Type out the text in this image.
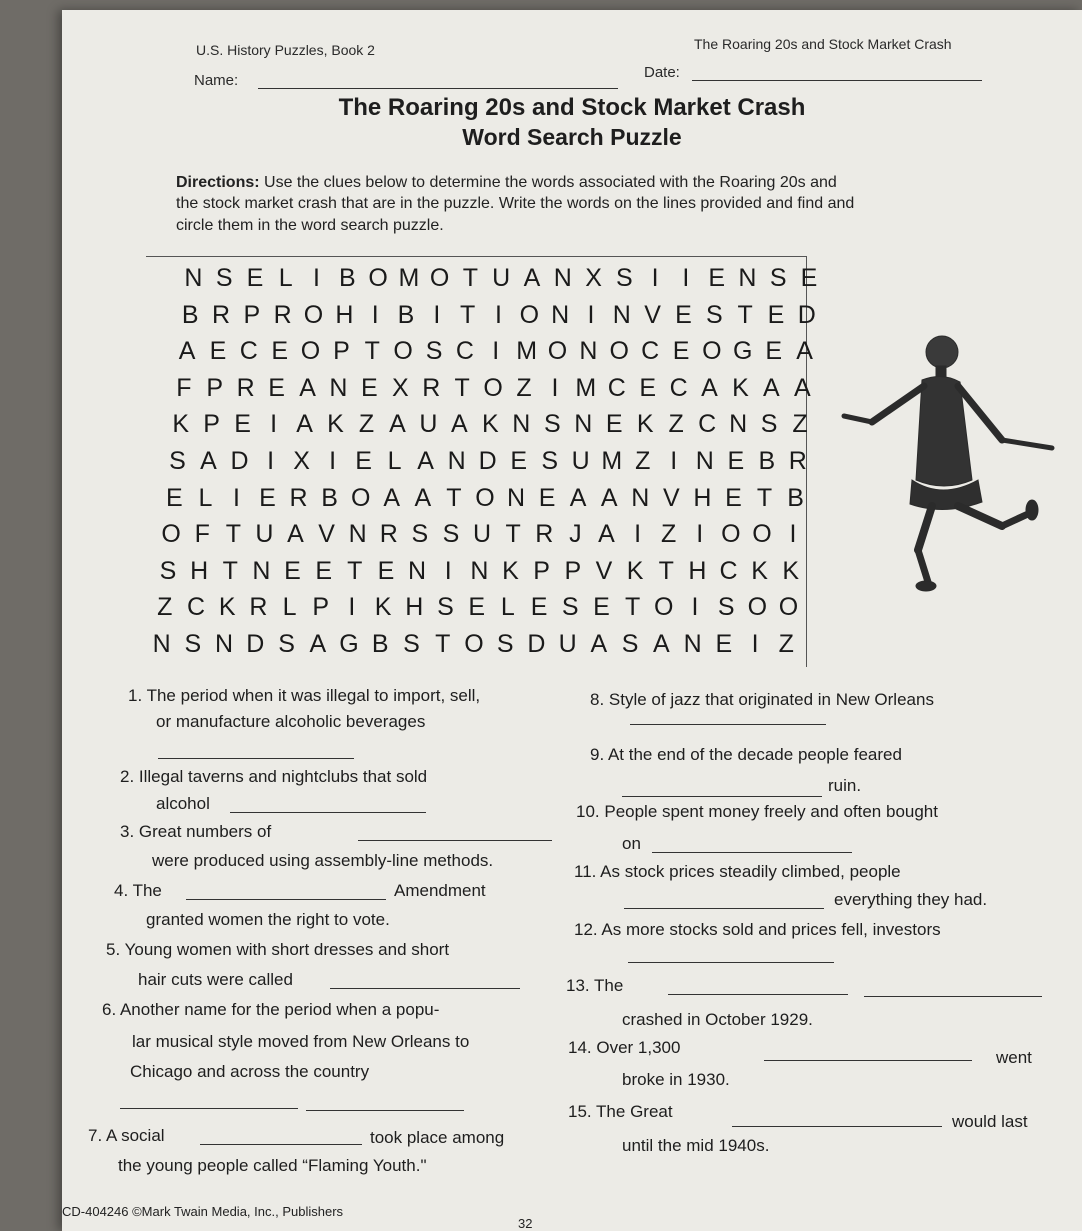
U.S. History Puzzles, Book 2	The Roaring 20s and Stock Market Crash
Name:	Date:
The Roaring 20s and Stock Market Crash
Word Search Puzzle
Directions: Use the clues below to determine the words associated with the Roaring 20s and
the stock market crash that are in the puzzle. Write the words on the lines provided and find and
circle them in the word search puzzle.
N S E L I B O M O T U A N X S I I E N S E
B R P R O H I B I T I O N I N V E S T E D
A E C E O P T O S C I M O N O C E O G E A
F P R E A N E X R T O Z I M C E C A K A A
K P E I A K Z A U A K N S N E K Z C N S Z
S A D I X I E L A N D E S U M Z I N E B R
E L I E R B O A A T O N E A A N V H E T B
O F T U A V N R S S U T R J A I Z I O O I
S H T N E E T E N I N K P P V K T H C K K
Z C K R L P I K H S E L E S E T O I S O O
N S N D S A G B S T O S D U A S A N E I Z
1. The period when it was illegal to import, sell,
or manufacture alcoholic beverages
2. Illegal taverns and nightclubs that sold
alcohol
3. Great numbers of
were produced using assembly-line methods.
4. The	Amendment
granted women the right to vote.
5. Young women with short dresses and short
hair cuts were called
6. Another name for the period when a popu-
lar musical style moved from New Orleans to
Chicago and across the country
7. A social	took place among
the young people called “Flaming Youth."
8. Style of jazz that originated in New Orleans
9. At the end of the decade people feared
ruin.
10. People spent money freely and often bought
on
11. As stock prices steadily climbed, people
everything they had.
12. As more stocks sold and prices fell, investors
13. The
crashed in October 1929.
14. Over 1,300
went
broke in 1930.
15. The Great
would last
until the mid 1940s.
CD-404246 ©Mark Twain Media, Inc., Publishers
32
